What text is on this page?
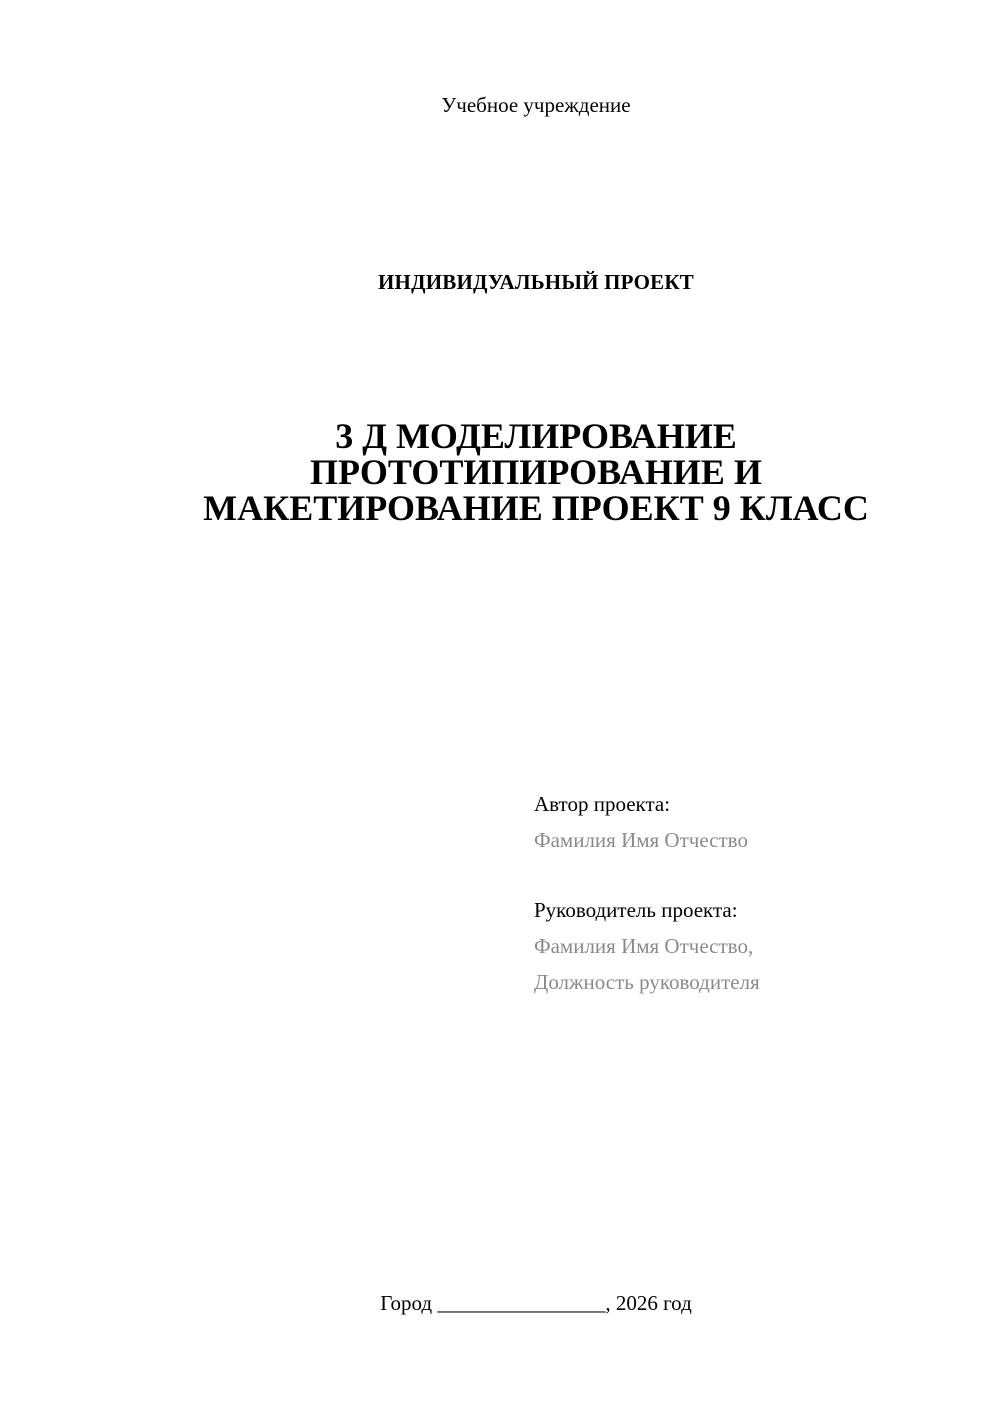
Учебное учреждение
ИНДИВИДУАЛЬНЫЙ ПРОЕКТ
3 Д МОДЕЛИРОВАНИЕ
ПРОТОТИПИРОВАНИЕ И
МАКЕТИРОВАНИЕ ПРОЕКТ 9 КЛАСС
Автор проекта:
Фамилия Имя Отчество
Руководитель проекта:
Фамилия Имя Отчество,
Должность руководителя
Город ________________, 2026 год
